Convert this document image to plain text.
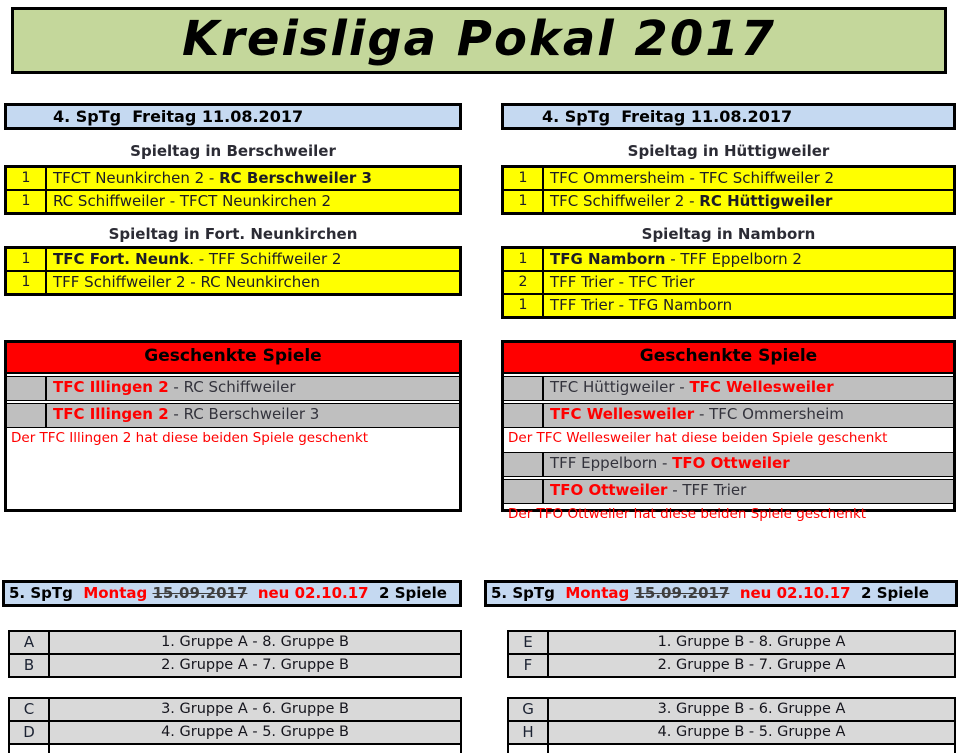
Kreisliga Pokal 2017
4. SpTg  Freitag 11.08.2017
Spieltag in Berschweiler
1	TFCT Neunkirchen 2 - RC Berschweiler 3
1	RC Schiffweiler - TFCT Neunkirchen 2
Spieltag in Fort. Neunkirchen
1	TFC Fort. Neunk. - TFF Schiffweiler 2
1	TFF Schiffweiler 2 - RC Neunkirchen
Geschenkte Spiele
TFC Illingen 2 - RC Schiffweiler
TFC Illingen 2 - RC Berschweiler 3
Der TFC Illingen 2 hat diese beiden Spiele geschenkt
5. SpTg  Montag 15.09.2017  neu 02.10.17  2 Spiele
A	1. Gruppe A - 8. Gruppe B
B	2. Gruppe A - 7. Gruppe B
C	3. Gruppe A - 6. Gruppe B
D	4. Gruppe A - 5. Gruppe B
4. SpTg  Freitag 11.08.2017
Spieltag in Hüttigweiler
1	TFC Ommersheim - TFC Schiffweiler 2
1	TFC Schiffweiler 2 - RC Hüttigweiler
Spieltag in Namborn
1	TFG Namborn - TFF Eppelborn 2
2	TFF Trier - TFC Trier
1	TFF Trier - TFG Namborn
Geschenkte Spiele
TFC Hüttigweiler - TFC Wellesweiler
TFC Wellesweiler - TFC Ommersheim
Der TFC Wellesweiler hat diese beiden Spiele geschenkt
TFF Eppelborn - TFO Ottweiler
TFO Ottweiler - TFF Trier
Der TFO Ottweiler hat diese beiden Spiele geschenkt
5. SpTg  Montag 15.09.2017  neu 02.10.17  2 Spiele
E	1. Gruppe B - 8. Gruppe A
F	2. Gruppe B - 7. Gruppe A
G	3. Gruppe B - 6. Gruppe A
H	4. Gruppe B - 5. Gruppe A
